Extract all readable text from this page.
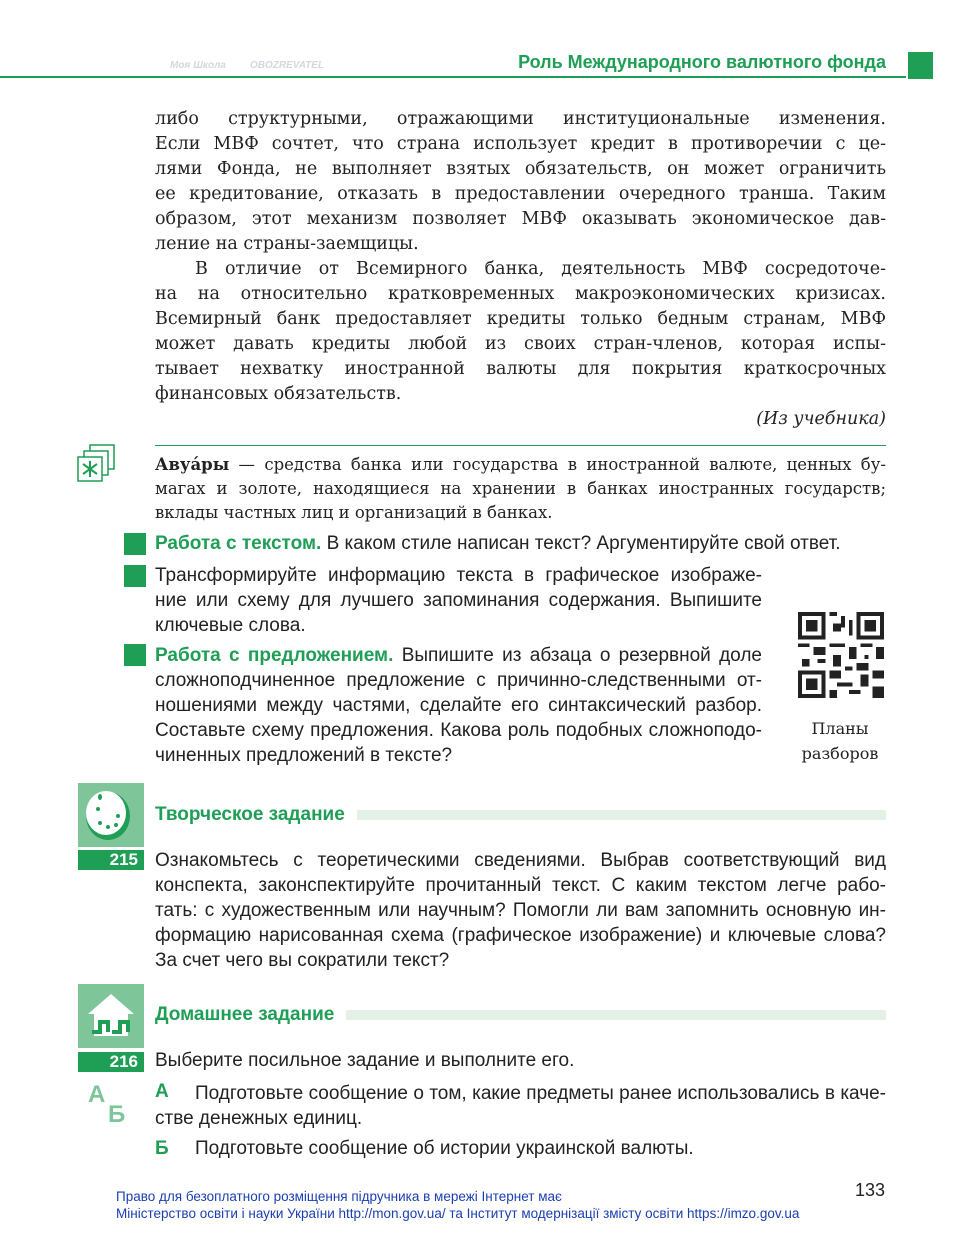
Моя Школа OBOZREVATEL	Роль Международного валютного фонда
либо структурными, отражающими институциональные изменения.
Если МВФ сочтет, что страна использует кредит в противоречии с це-
лями Фонда, не выполняет взятых обязательств, он может ограничить
ее кредитование, отказать в предоставлении очередного транша. Таким
образом, этот механизм позволяет МВФ оказывать экономическое дав-
ление на страны-заемщицы.
В отличие от Всемирного банка, деятельность МВФ сосредоточе-
на на относительно кратковременных макроэкономических кризисах.
Всемирный банк предоставляет кредиты только бедным странам, МВФ
может давать кредиты любой из своих стран-членов, которая испы-
тывает нехватку иностранной валюты для покрытия краткосрочных
финансовых обязательств.
(Из учебника)
Авуáры — средства банка или государства в иностранной валюте, ценных бу-
магах и золоте, находящиеся на хранении в банках иностранных государств;
вклады частных лиц и организаций в банках.
Работа с текстом. В каком стиле написан текст? Аргументируйте свой ответ.
Трансформируйте информацию текста в графическое изображе-
ние или схему для лучшего запоминания содержания. Выпишите
ключевые слова.
Работа с предложением. Выпишите из абзаца о резервной доле
сложноподчиненное предложение с причинно-следственными от-
ношениями между частями, сделайте его синтаксический разбор.
Составьте схему предложения. Какова роль подобных сложноподо-
чиненных предложений в тексте?
Планы
разборов
215
Творческое задание
Ознакомьтесь с теоретическими сведениями. Выбрав соответствующий вид
конспекта, законспектируйте прочитанный текст. С каким текстом легче рабо-
тать: с художественным или научным? Помогли ли вам запомнить основную ин-
формацию нарисованная схема (графическое изображение) и ключевые слова?
За счет чего вы сократили текст?
216
Домашнее задание
Выберите посильное задание и выполните его.
А
Б
А Подготовьте сообщение о том, какие предметы ранее использовались в каче-
стве денежных единиц.
Б Подготовьте сообщение об истории украинской валюты.
133
Право для безоплатного розміщення підручника в мережі Інтернет має
Міністерство освіти і науки України http://mon.gov.ua/ та Інститут модернізації змісту освіти https://imzo.gov.ua
